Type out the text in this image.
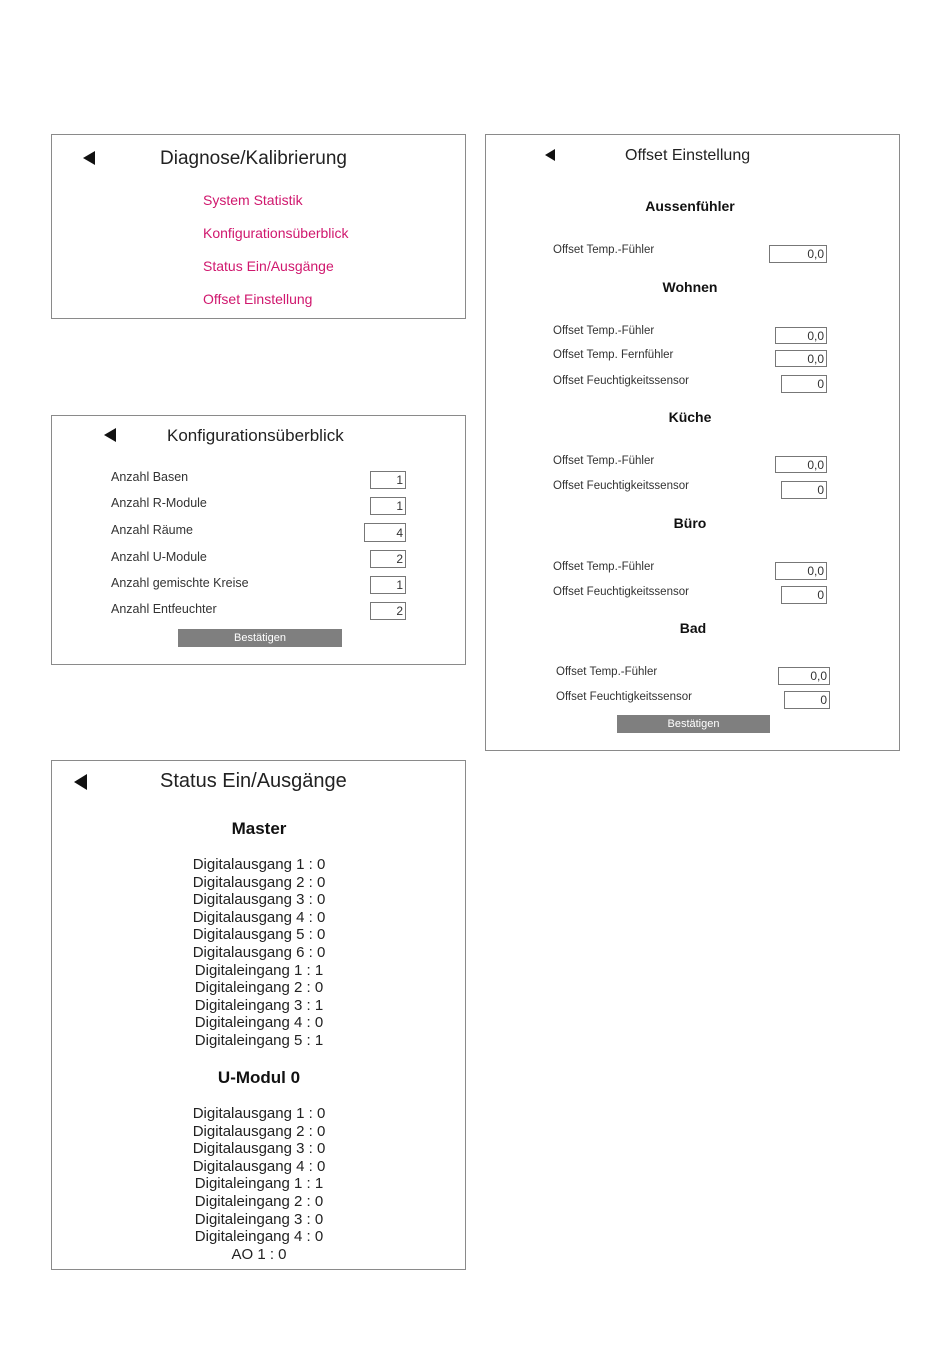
Diagnose/Kalibrierung
System Statistik
Konfigurationsüberblick
Status Ein/Ausgänge
Offset Einstellung
Konfigurationsüberblick
Anzahl Basen
1
Anzahl R-Module
1
Anzahl Räume
4
Anzahl U-Module
2
Anzahl gemischte Kreise
1
Anzahl Entfeuchter
2
Bestätigen
Offset Einstellung
Aussenfühler
Offset Temp.-Fühler
0,0
Wohnen
Offset Temp.-Fühler
0,0
Offset Temp. Fernfühler
0,0
Offset Feuchtigkeitssensor
0
Küche
Offset Temp.-Fühler
0,0
Offset Feuchtigkeitssensor
0
Büro
Offset Temp.-Fühler
0,0
Offset Feuchtigkeitssensor
0
Bad
Offset Temp.-Fühler
0,0
Offset Feuchtigkeitssensor
0
Bestätigen
Status Ein/Ausgänge
Master
Digitalausgang 1 : 0
Digitalausgang 2 : 0
Digitalausgang 3 : 0
Digitalausgang 4 : 0
Digitalausgang 5 : 0
Digitalausgang 6 : 0
Digitaleingang 1 : 1
Digitaleingang 2 : 0
Digitaleingang 3 : 1
Digitaleingang 4 : 0
Digitaleingang 5 : 1
U-Modul 0
Digitalausgang 1 : 0
Digitalausgang 2 : 0
Digitalausgang 3 : 0
Digitalausgang 4 : 0
Digitaleingang 1 : 1
Digitaleingang 2 : 0
Digitaleingang 3 : 0
Digitaleingang 4 : 0
AO 1 : 0
